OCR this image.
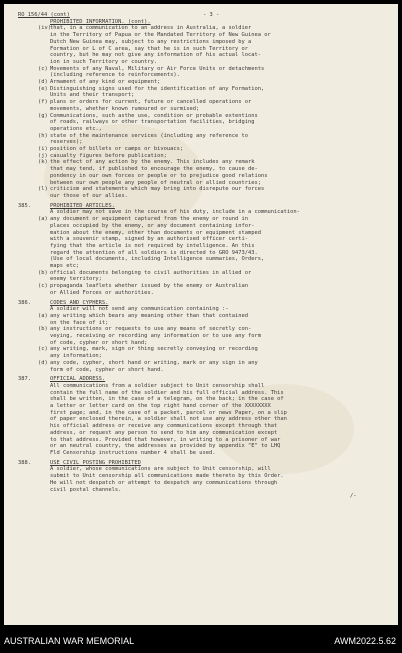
RO 156/44 (cont)	- 3 -
PROHIBITED INFORMATION. (cont).
(iv) that, in a communication to an address in Australia, a soldier
in the Territory of Papua or the Mandated Territory of New Guinea or
Dutch New Guinea may, subject to any restrictions imposed by a
Formation or L of C area, say that he is in such Territory or
country, but he may not give any information of his actual locat-
ion in such Territory or country.
(c) Movements of any Naval, Military or Air Force Units or detachments
(including reference to reinforcements).
(d) Armament of any kind or equipment;
(e) Distinguishing signs used for the identification of any Formation,
Units and their transport;
(f) plans or orders for current, future or cancelled operations or
movements, whether known rumoured or surmised;
(g) Communications, such asthe use, condition or probable extentions
of roads, railways or other transportation facilities, bridging
operations etc.,
(h) state of the maintenance services (including any reference to
reserves);
(i) position of billets or camps or bivouacs;
(j) casualty figures before publication;
(k) the effect of any action by the enemy. This includes any remark
that may tend, if published to encourage the enemy, to cause de-
pondency in our own forces or people or to prejudice good relations
between our own people any people of neutral or allied countries;
(l) criticism and statements which may bring into disrepute our forces
our those of our allies.
385.	PROHIBITED ARTICLES.
A soldier may not save in the course of his duty, include in a communication-
(a) any document or equipment captured from the enemy or round in
places occupied by the enemy, or any document containing infor-
mation about the enemy, other than documents or equipment stamped
with a souvenir stamp, signed by an authorised officer certi-
fying that the article is not required by intelligence. An this
regard the attention of all soldiers is directed to GRO 9473/43.
(Use of local documents, including Intelligence summaries, Orders,
maps etc;
(b) official documents belonging to civil authorities in allied or
enemy territory;
(c) propaganda leaflets whether issued by the enemy or Australian
or Allied Forces or authorities.
386.	CODES AND CYPHERS.
A soldier will not send any communication containing :-
(a) any writing which bears any meaning other than that contained
on the face of it;
(b) any instructions or requests to use any means of secretly con-
veying, receiving or recording any information or to use any form
of code, cypher or short hand;
(c) any writing, mark, sign or thing secretly conveying or recording
any information;
(d) any code, cypher, short hand or writing, mark or any sign in any
form of code, cypher or short hand.
387.	OFFICIAL ADDRESS.
All communications from a soldier subject to Unit censorship shall
contain the full name of the soldier and his full official address. This
shall be written, in the case of a telegram, on the back; in the case of
a letter or letter card on the top right hand corner of the XXXXXXXX
first page; and, in the case of a packet, parcel or news Paper, on a slip
of paper enclosed therein, a soldier shall not use any address other than
his official address or receive any communications except through that
address, or request any person to send to him any communication except
to that address. Provided that however, in writing to a prisoner of war
or an neutral country, the addresses as provided by appendix "E" to LHQ
Fld Censorship instructions number 4 shall be used.
388.	USE CIVIL POSTING PROHIBITED
A soldier, whose communications are subject to Unit censorship, will
submit to Unit censorship all communications made thereto by this Order.
He will not despatch or attempt to despatch any communications through
civil postal channels.
/-
AUSTRALIAN WAR MEMORIAL	AWM2022.5.62
